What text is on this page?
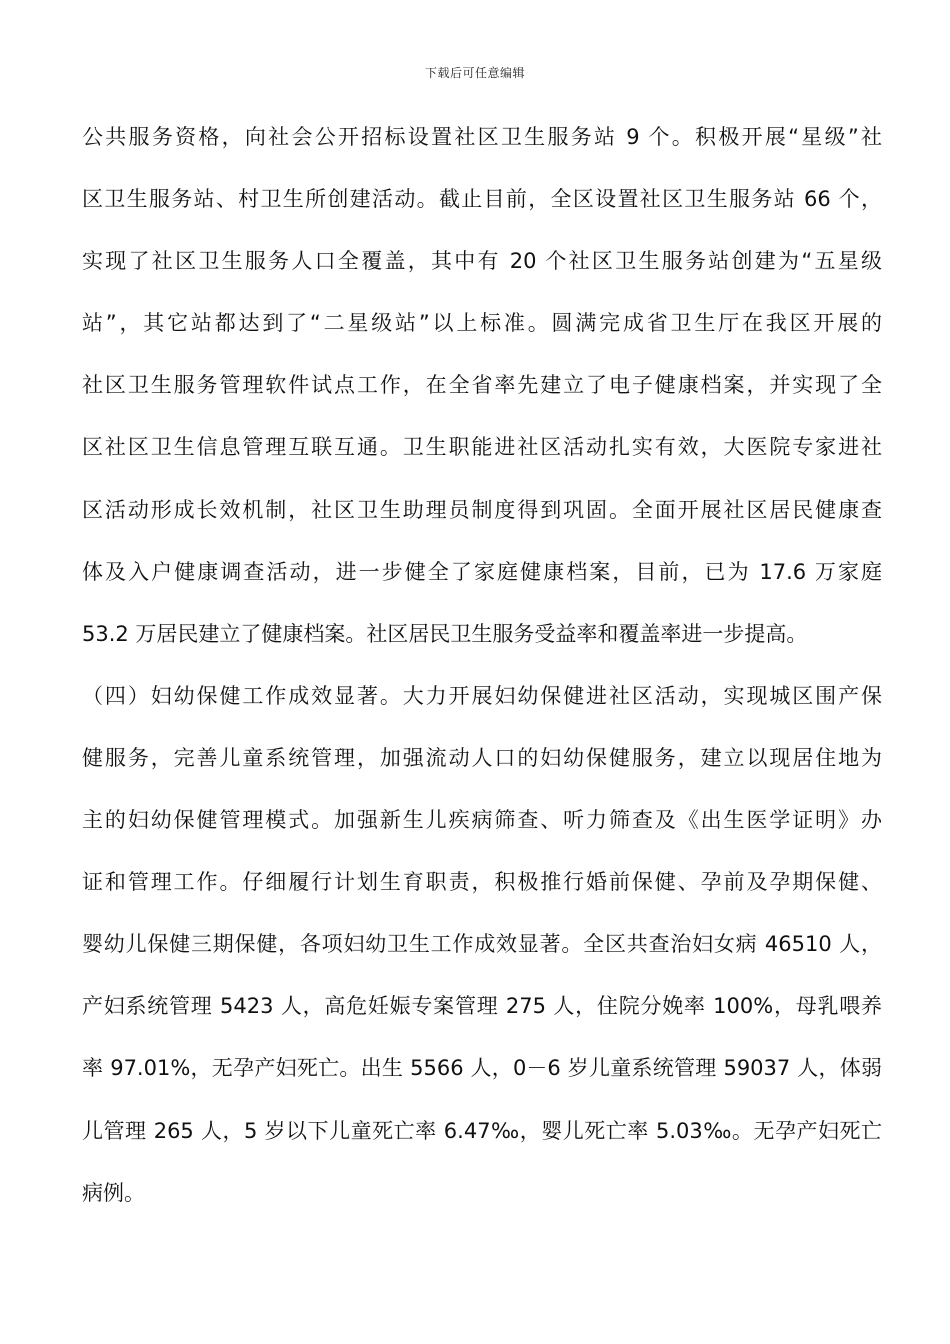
下载后可任意编辑
公共服务资格，向社会公开招标设置社区卫生服务站 9 个。积极开展“星级”社
区卫生服务站、村卫生所创建活动。截止目前，全区设置社区卫生服务站 66 个，
实现了社区卫生服务人口全覆盖，其中有 20 个社区卫生服务站创建为“五星级
站”，其它站都达到了“二星级站”以上标准。圆满完成省卫生厅在我区开展的
社区卫生服务管理软件试点工作，在全省率先建立了电子健康档案，并实现了全
区社区卫生信息管理互联互通。卫生职能进社区活动扎实有效，大医院专家进社
区活动形成长效机制，社区卫生助理员制度得到巩固。全面开展社区居民健康查
体及入户健康调查活动，进一步健全了家庭健康档案，目前，已为 17.6 万家庭
53.2 万居民建立了健康档案。社区居民卫生服务受益率和覆盖率进一步提高。
（四）妇幼保健工作成效显著。大力开展妇幼保健进社区活动，实现城区围产保
健服务，完善儿童系统管理，加强流动人口的妇幼保健服务，建立以现居住地为
主的妇幼保健管理模式。加强新生儿疾病筛查、听力筛查及《出生医学证明》办
证和管理工作。仔细履行计划生育职责，积极推行婚前保健、孕前及孕期保健、
婴幼儿保健三期保健，各项妇幼卫生工作成效显著。全区共查治妇女病 46510 人，
产妇系统管理 5423 人，高危妊娠专案管理 275 人，住院分娩率 100%，母乳喂养
率 97.01%，无孕产妇死亡。出生 5566 人，0－6 岁儿童系统管理 59037 人，体弱
儿管理 265 人，5 岁以下儿童死亡率 6.47‰，婴儿死亡率 5.03‰。无孕产妇死亡
病例。
